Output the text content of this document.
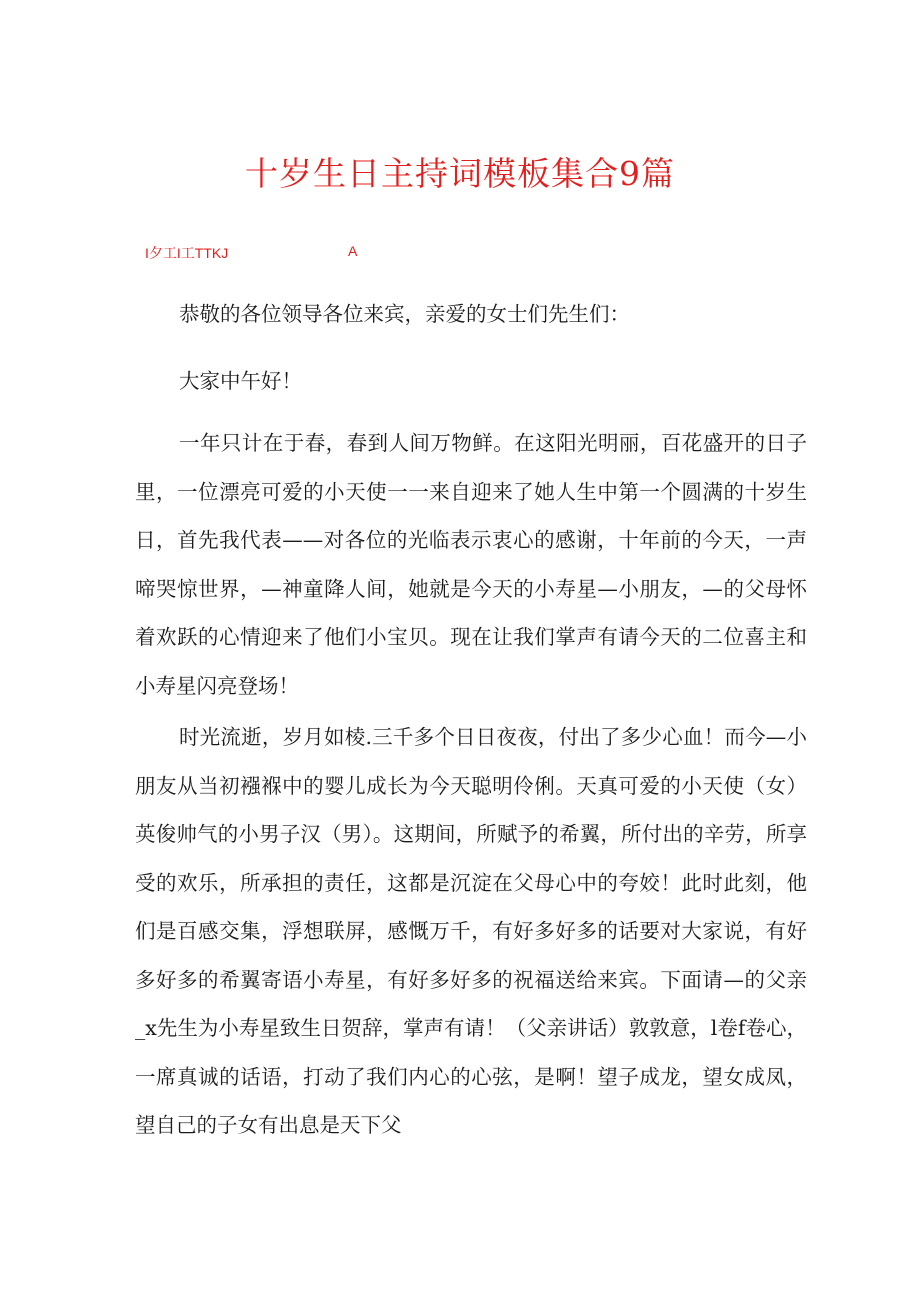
十岁生日主持词模板集合9篇
I夕工I工TTKJ	A

恭敬的各位领导各位来宾，亲爱的女士们先生们：

大家中午好！

一年只计在于春，春到人间万物鲜。在这阳光明丽，百花盛开的日子里，一位漂亮可爱的小天使一一来自迎来了她人生中第一个圆满的十岁生日，首先我代表——对各位的光临表示衷心的感谢，十年前的今天，一声啼哭惊世界，—神童降人间，她就是今天的小寿星—小朋友，—的父母怀着欢跃的心情迎来了他们小宝贝。现在让我们掌声有请今天的二位喜主和小寿星闪亮登场！

时光流逝，岁月如棱.三千多个日日夜夜，付出了多少心血！而今—小朋友从当初襁褓中的婴儿成长为今天聪明伶俐。天真可爱的小天使（女）英俊帅气的小男子汉（男）。这期间，所赋予的希翼，所付出的辛劳，所享受的欢乐，所承担的责任，这都是沉淀在父母心中的夸姣！此时此刻，他们是百感交集，浮想联屏，感慨万千，有好多好多的话要对大家说，有好多好多的希翼寄语小寿星，有好多好多的祝福送给来宾。下面请—的父亲_x先生为小寿星致生日贺辞，掌声有请！（父亲讲话）敦敦意，l卷f卷心，一席真诚的话语，打动了我们内心的心弦，是啊！望子成龙，望女成凤，望自己的子女有出息是天下父
